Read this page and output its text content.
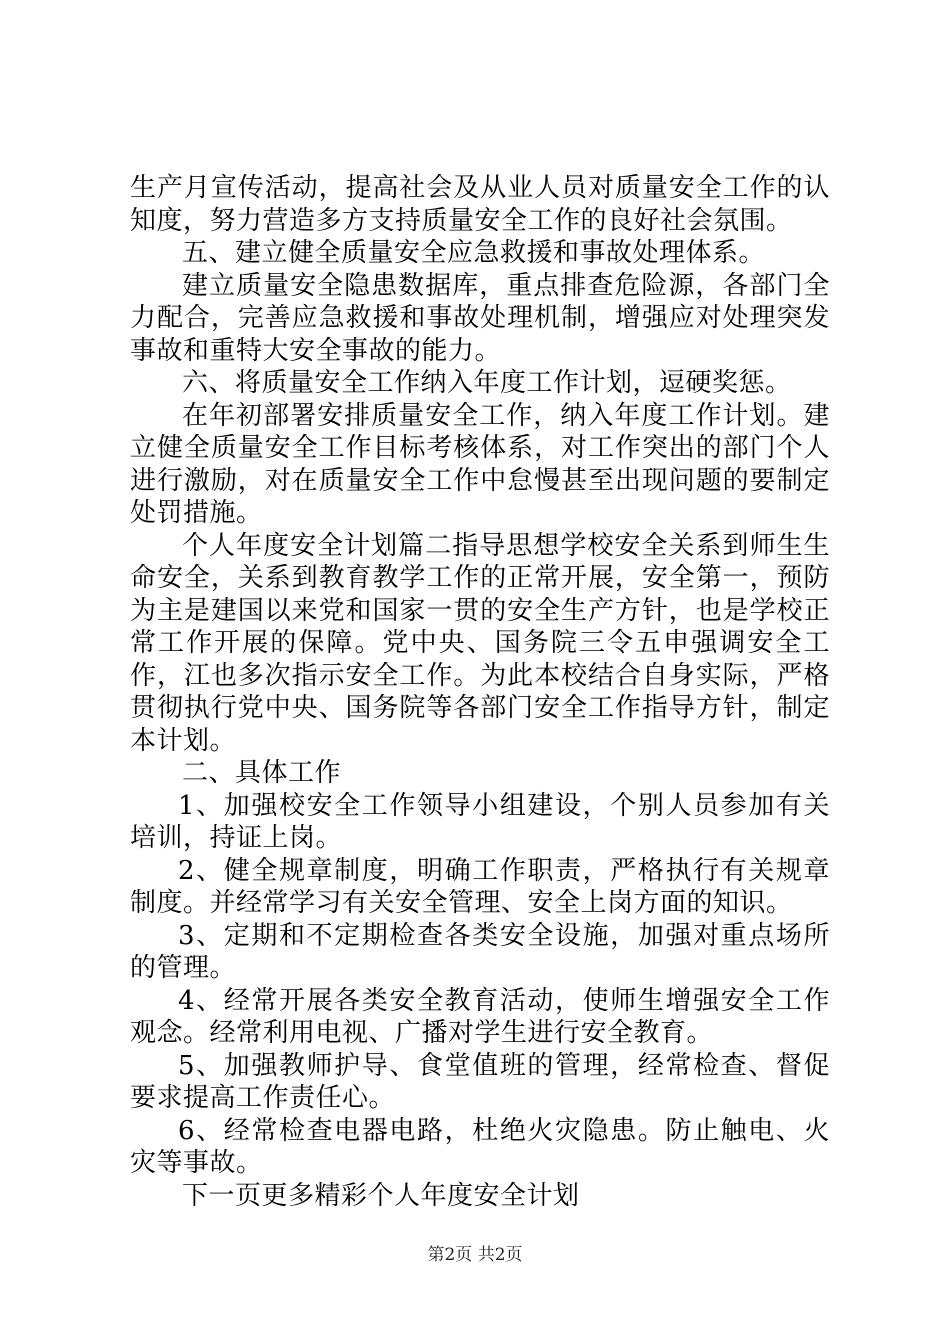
生产月宣传活动，提高社会及从业人员对质量安全工作的认知度，努力营造多方支持质量安全工作的良好社会氛围。

五、建立健全质量安全应急救援和事故处理体系。

建立质量安全隐患数据库，重点排查危险源，各部门全力配合，完善应急救援和事故处理机制，增强应对处理突发事故和重特大安全事故的能力。

六、将质量安全工作纳入年度工作计划，逗硬奖惩。

在年初部署安排质量安全工作，纳入年度工作计划。建立健全质量安全工作目标考核体系，对工作突出的部门个人进行激励，对在质量安全工作中怠慢甚至出现问题的要制定处罚措施。

个人年度安全计划篇二指导思想学校安全关系到师生生命安全，关系到教育教学工作的正常开展，安全第一，预防为主是建国以来党和国家一贯的安全生产方针，也是学校正常工作开展的保障。党中央、国务院三令五申强调安全工作，江也多次指示安全工作。为此本校结合自身实际，严格贯彻执行党中央、国务院等各部门安全工作指导方针，制定本计划。

二、具体工作

1、加强校安全工作领导小组建设，个别人员参加有关培训，持证上岗。

2、健全规章制度，明确工作职责，严格执行有关规章制度。并经常学习有关安全管理、安全上岗方面的知识。

3、定期和不定期检查各类安全设施，加强对重点场所的管理。

4、经常开展各类安全教育活动，使师生增强安全工作观念。经常利用电视、广播对学生进行安全教育。

5、加强教师护导、食堂值班的管理，经常检查、督促要求提高工作责任心。

6、经常检查电器电路，杜绝火灾隐患。防止触电、火灾等事故。

下一页更多精彩个人年度安全计划

第2页 共2页
